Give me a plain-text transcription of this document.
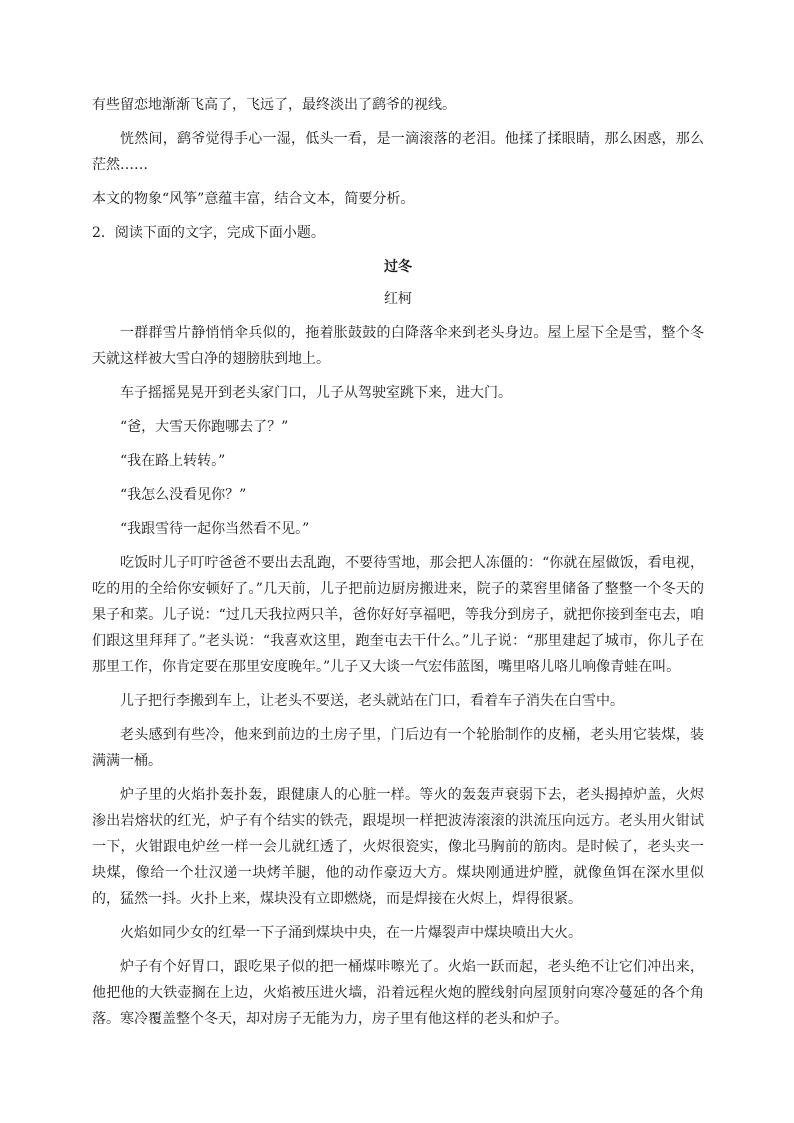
有些留恋地渐渐飞高了，飞远了，最终淡出了鹞爷的视线。

恍然间，鹞爷觉得手心一湿，低头一看，是一滴滚落的老泪。他揉了揉眼睛，那么困惑，那么茫然……

本文的物象“风筝”意蕴丰富，结合文本，简要分析。

2．阅读下面的文字，完成下面小题。

过冬
红柯

一群群雪片静悄悄伞兵似的，拖着胀鼓鼓的白降落伞来到老头身边。屋上屋下全是雪，整个冬天就这样被大雪白净的翅膀肤到地上。

车子摇摇晃晃开到老头家门口，儿子从驾驶室跳下来，进大门。

“爸，大雪天你跑哪去了？”

“我在路上转转。”

“我怎么没看见你？”

“我跟雪待一起你当然看不见。”

吃饭时儿子叮咛爸爸不要出去乱跑，不要待雪地，那会把人冻僵的：“你就在屋做饭，看电视，吃的用的全给你安顿好了。”几天前，儿子把前边厨房搬进来，院子的菜窖里储备了整整一个冬天的果子和菜。儿子说：“过几天我拉两只羊，爸你好好享福吧，等我分到房子，就把你接到奎屯去，咱们跟这里拜拜了。”老头说：“我喜欢这里，跑奎屯去干什么。”儿子说：“那里建起了城市，你儿子在那里工作，你肯定要在那里安度晚年。”儿子又大谈一气宏伟蓝图，嘴里咯儿咯儿响像青蛙在叫。

儿子把行李搬到车上，让老头不要送，老头就站在门口，看着车子消失在白雪中。

老头感到有些冷，他来到前边的土房子里，门后边有一个轮胎制作的皮桶，老头用它装煤，装满满一桶。

炉子里的火焰扑轰扑轰，跟健康人的心脏一样。等火的轰轰声衰弱下去，老头揭掉炉盖，火烬渗出岩熔状的红光，炉子有个结实的铁壳，跟堤坝一样把波涛滚滚的洪流压向远方。老头用火钳试一下，火钳跟电炉丝一样一会儿就红透了，火烬很瓷实，像北马胸前的筋肉。是时候了，老头夹一块煤，像给一个壮汉递一块烤羊腿，他的动作豪迈大方。煤块刚通进炉膛，就像鱼饵在深水里似的，猛然一抖。火扑上来，煤块没有立即燃烧，而是焊接在火烬上，焊得很紧。

火焰如同少女的红晕一下子涌到煤块中央，在一片爆裂声中煤块喷出大火。

炉子有个好胃口，跟吃果子似的把一桶煤咔嚓光了。火焰一跃而起，老头绝不让它们冲出来，他把他的大铁壶搁在上边，火焰被压进火墙，沿着远程火炮的膛线射向屋顶射向寒冷蔓延的各个角落。寒冷覆盖整个冬天，却对房子无能为力，房子里有他这样的老头和炉子。
